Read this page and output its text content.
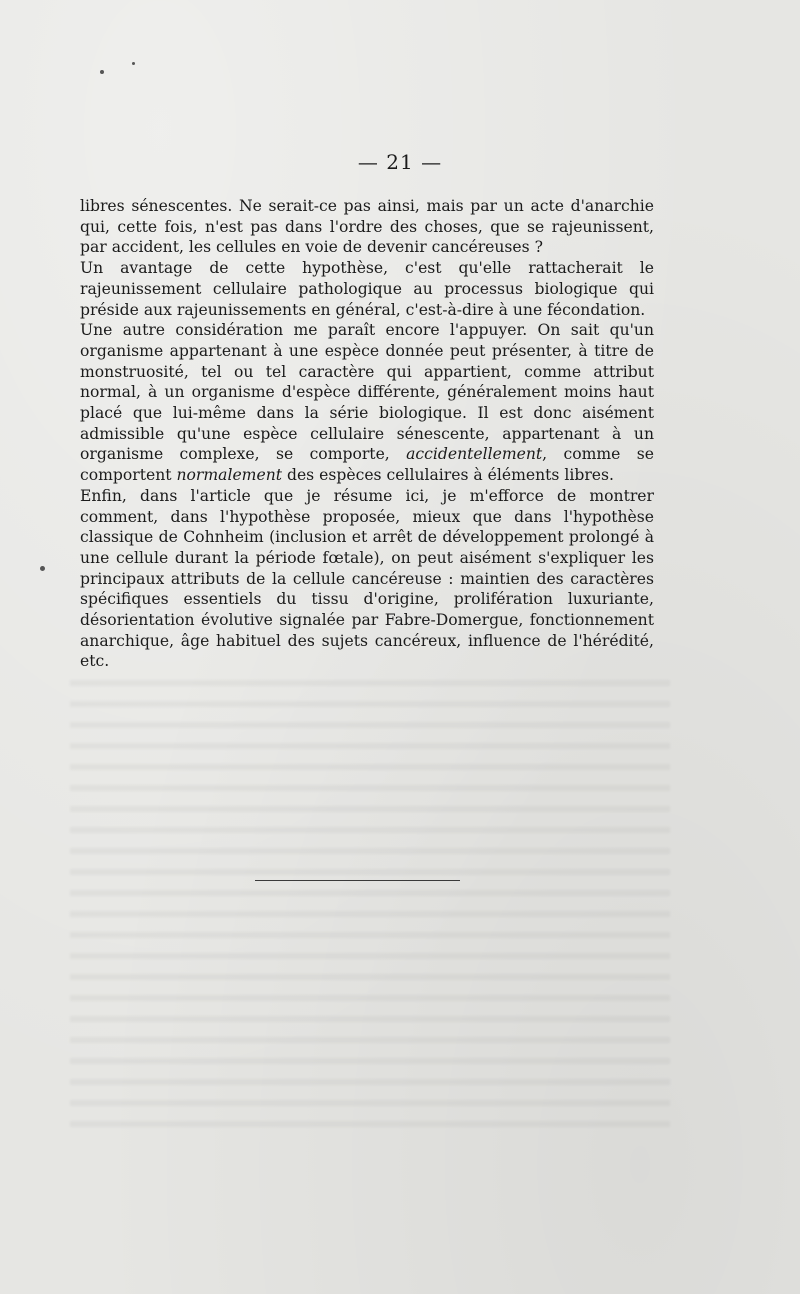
— 21 —

libres sénescentes. Ne serait-ce pas ainsi, mais par un acte d'anarchie qui, cette fois, n'est pas dans l'ordre des choses, que se rajeunissent, par accident, les cellules en voie de devenir cancéreuses ?

Un avantage de cette hypothèse, c'est qu'elle rattacherait le rajeunissement cellulaire pathologique au processus biologique qui préside aux rajeunissements en général, c'est-à-dire à une fécondation.

Une autre considération me paraît encore l'appuyer. On sait qu'un organisme appartenant à une espèce donnée peut présenter, à titre de monstruosité, tel ou tel caractère qui appartient, comme attribut normal, à un organisme d'espèce différente, généralement moins haut placé que lui-même dans la série biologique. Il est donc aisément admissible qu'une espèce cellulaire sénescente, appartenant à un organisme complexe, se comporte, accidentellement, comme se comportent normalement des espèces cellulaires à éléments libres.

Enfin, dans l'article que je résume ici, je m'efforce de montrer comment, dans l'hypothèse proposée, mieux que dans l'hypothèse classique de Cohnheim (inclusion et arrêt de développement prolongé à une cellule durant la période fœtale), on peut aisément s'expliquer les principaux attributs de la cellule cancéreuse : maintien des caractères spécifiques essentiels du tissu d'origine, prolifération luxuriante, désorientation évolutive signalée par Fabre-Domergue, fonctionnement anarchique, âge habituel des sujets cancéreux, influence de l'hérédité, etc.
